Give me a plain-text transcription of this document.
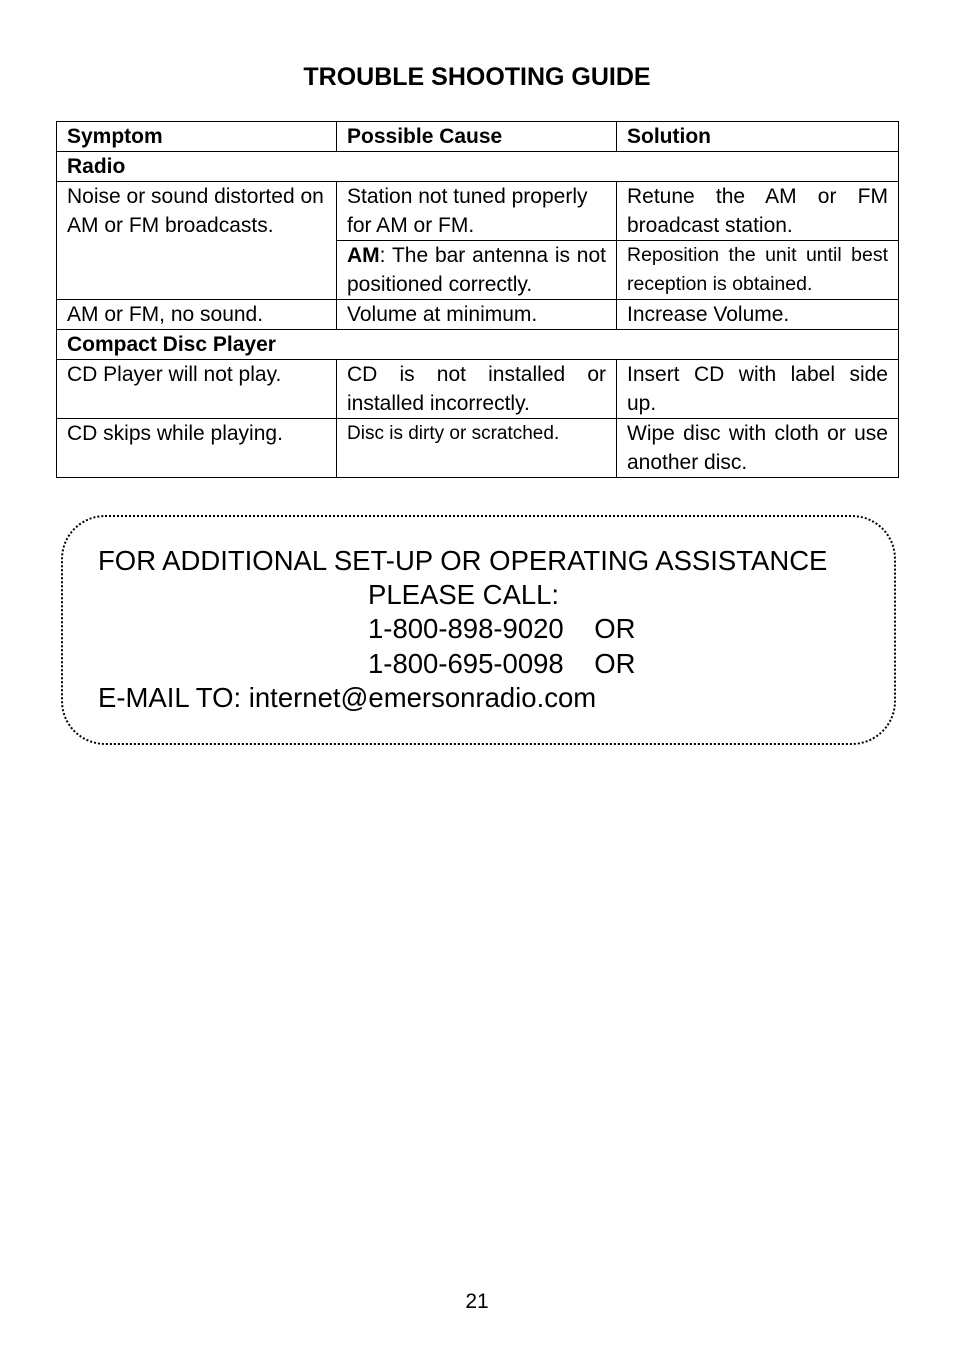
TROUBLE SHOOTING GUIDE
Symptom	Possible Cause	Solution
Radio		
Noise or sound distorted on AM or FM broadcasts.	Station not tuned properly for AM or FM.	Retune the AM or FM broadcast station.
	AM: The bar antenna is not positioned correctly.	Reposition the unit until best reception is obtained.
AM or FM, no sound.	Volume at minimum.	Increase Volume.
Compact Disc Player		
CD Player will not play.	CD is not installed or installed incorrectly.	Insert CD with label side up.
CD skips while playing.	Disc is dirty or scratched.	Wipe disc with cloth or use another disc.
FOR ADDITIONAL SET-UP OR OPERATING ASSISTANCE
PLEASE CALL:
1-800-898-9020    OR
1-800-695-0098    OR
E-MAIL TO: internet@emersonradio.com
21
